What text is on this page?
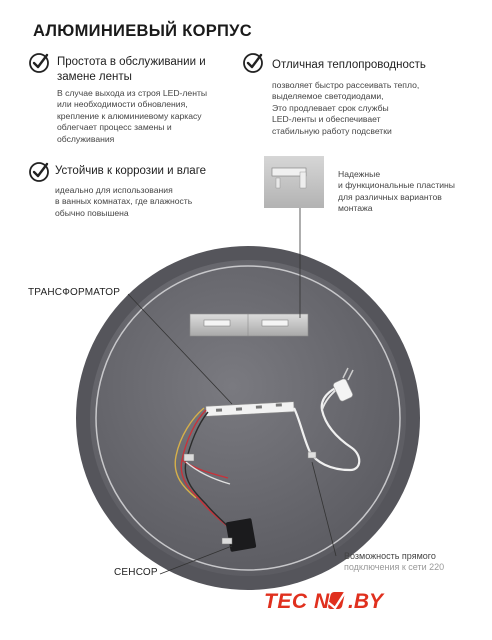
АЛЮМИНИЕВЫЙ КОРПУС
Простота в обслуживании и
замене ленты
В случае выхода из строя LED-ленты
или необходимости обновления,
крепление к алюминиевому каркасу
облегчает процесс замены и
обслуживания
Отличная теплопроводность
позволяет быстро рассеивать тепло,
выделяемое светодиодами,
Это продлевает срок службы
LED-ленты и обеспечивает
стабильную работу подсветки
Устойчив к коррозии и влаге
идеально для использования
в ванных комнатах, где влажность
обычно повышена
Надежные
и функциональные пластины
для различных вариантов
монтажа
ТРАНСФОРМАТОР
СЕНСОР
Возможность прямого
подключения к сети 220
TEC N .BY
